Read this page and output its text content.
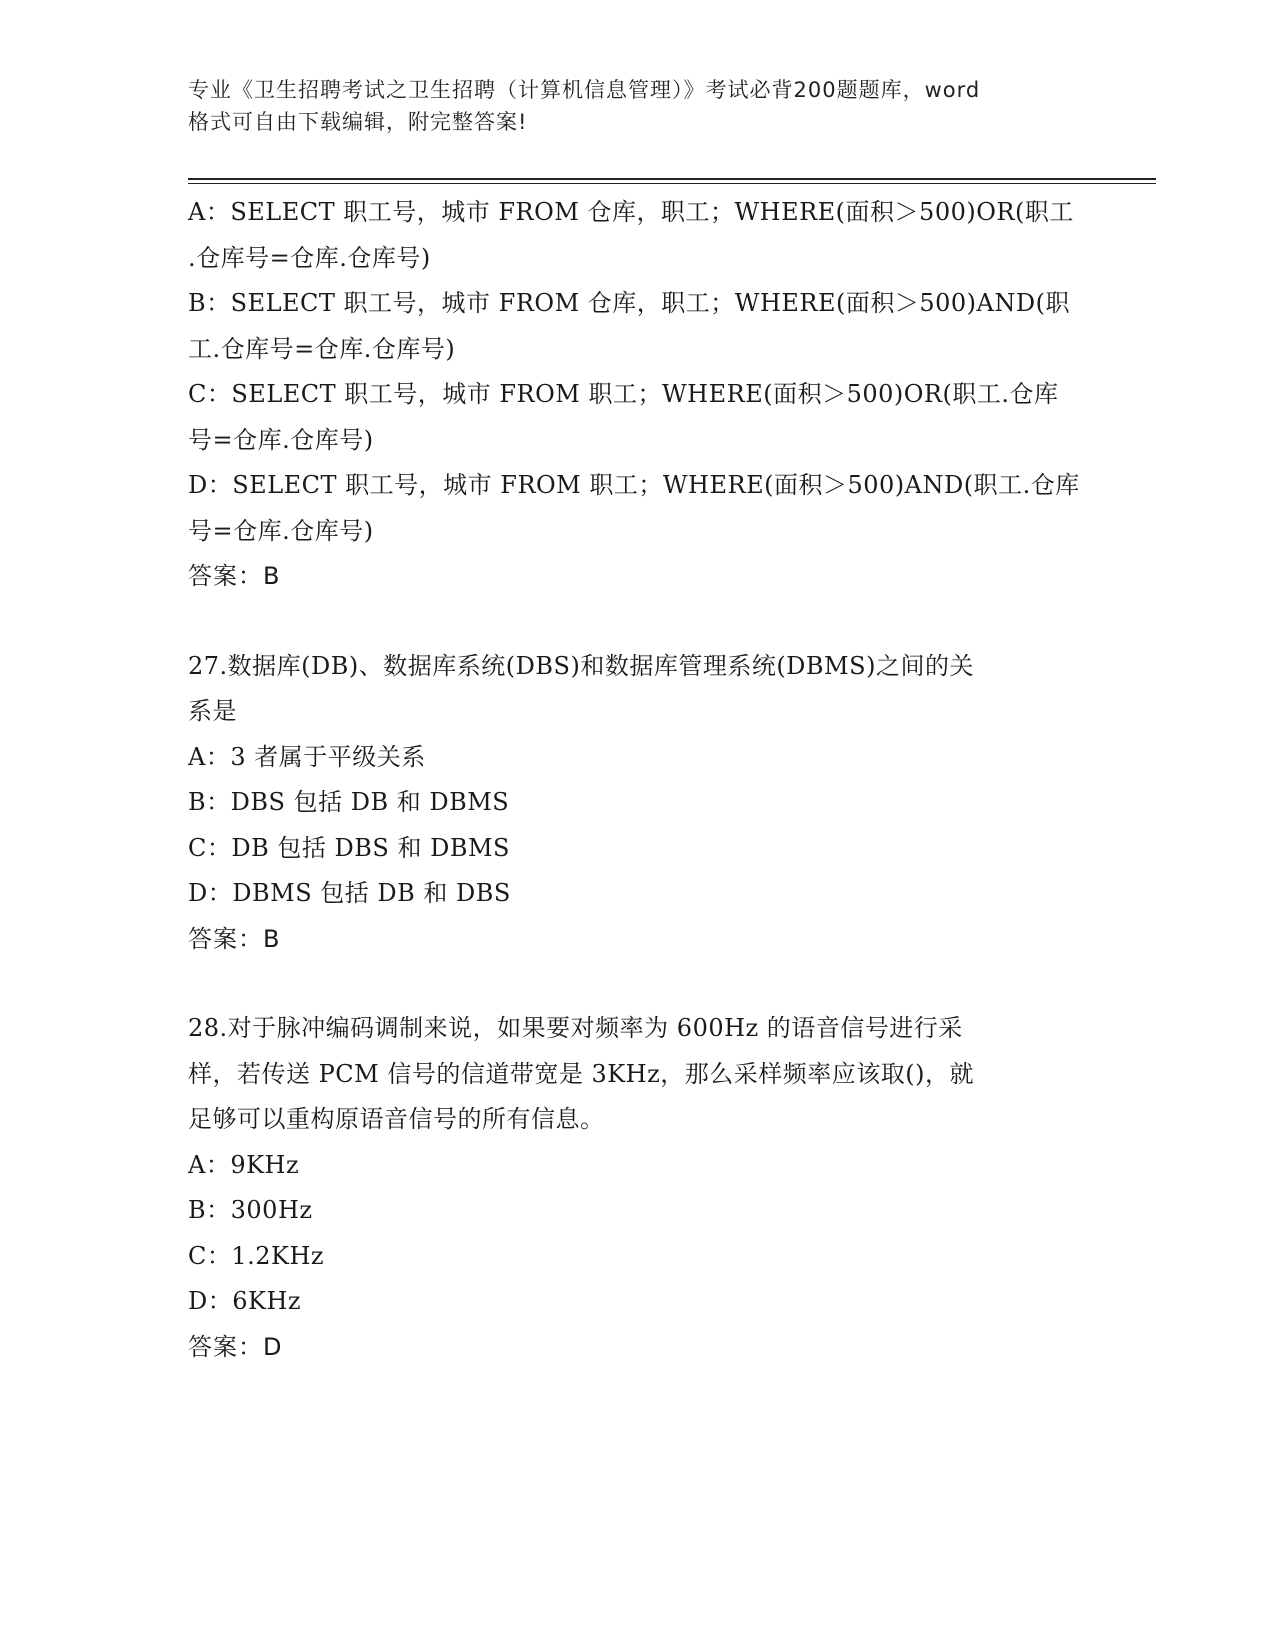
专业《卫生招聘考试之卫生招聘（计算机信息管理）》考试必背200题题库，word
格式可自由下载编辑，附完整答案!
A：SELECT 职工号，城市 FROM 仓库，职工；WHERE(面积＞500)OR(职工
.仓库号=仓库.仓库号)
B：SELECT 职工号，城市 FROM 仓库，职工；WHERE(面积＞500)AND(职
工.仓库号=仓库.仓库号)
C：SELECT 职工号，城市 FROM 职工；WHERE(面积＞500)OR(职工.仓库
号=仓库.仓库号)
D：SELECT 职工号，城市 FROM 职工；WHERE(面积＞500)AND(职工.仓库
号=仓库.仓库号)
答案：B
27.数据库(DB)、数据库系统(DBS)和数据库管理系统(DBMS)之间的关
系是
A：3 者属于平级关系
B：DBS 包括 DB 和 DBMS
C：DB 包括 DBS 和 DBMS
D：DBMS 包括 DB 和 DBS
答案：B
28.对于脉冲编码调制来说，如果要对频率为 600Hz 的语音信号进行采
样，若传送 PCM 信号的信道带宽是 3KHz，那么采样频率应该取()，就
足够可以重构原语音信号的所有信息。
A：9KHz
B：300Hz
C：1.2KHz
D：6KHz
答案：D
